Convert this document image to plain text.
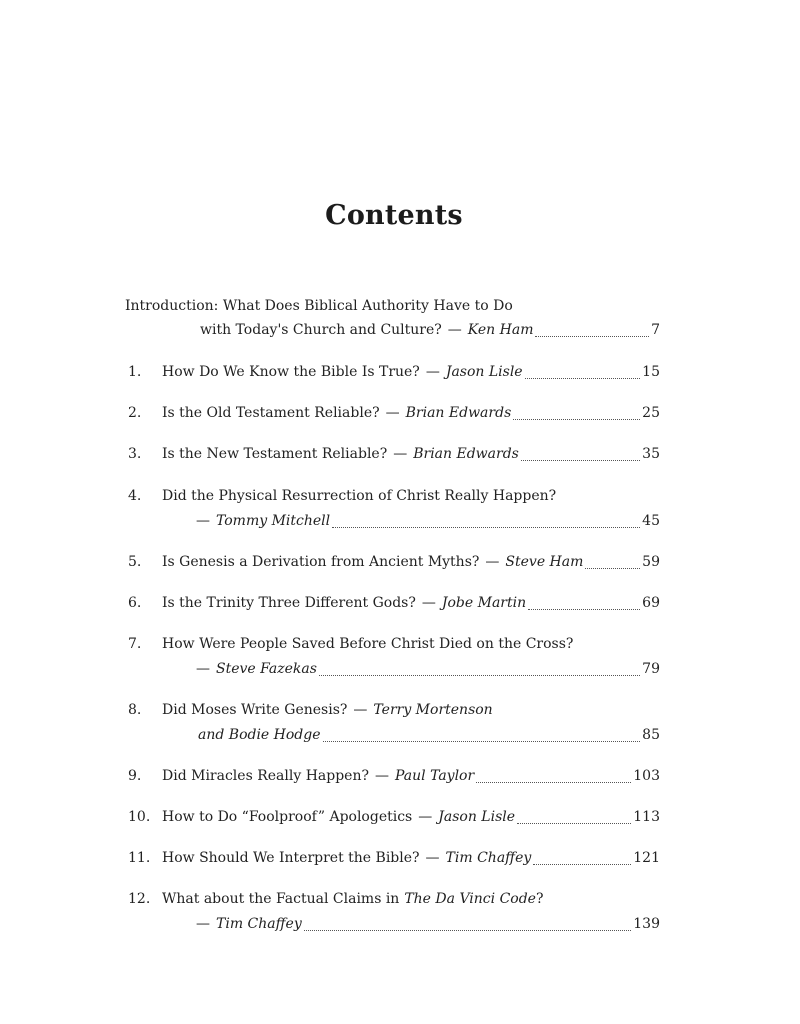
Contents
Introduction: What Does Biblical Authority Have to Do
with Today's Church and Culture? — Ken Ham	7
1.	How Do We Know the Bible Is True? — Jason Lisle	15
2.	Is the Old Testament Reliable? — Brian Edwards	25
3.	Is the New Testament Reliable? — Brian Edwards	35
4.	Did the Physical Resurrection of Christ Really Happen?
— Tommy Mitchell	45
5.	Is Genesis a Derivation from Ancient Myths? — Steve Ham	59
6.	Is the Trinity Three Different Gods? — Jobe Martin	69
7.	How Were People Saved Before Christ Died on the Cross?
— Steve Fazekas	79
8.	Did Moses Write Genesis? — Terry Mortenson
and Bodie Hodge	85
9.	Did Miracles Really Happen? — Paul Taylor	103
10. How to Do “Foolproof” Apologetics — Jason Lisle	113
11. How Should We Interpret the Bible? — Tim Chaffey	121
12. What about the Factual Claims in The Da Vinci Code ?
— Tim Chaffey	139
